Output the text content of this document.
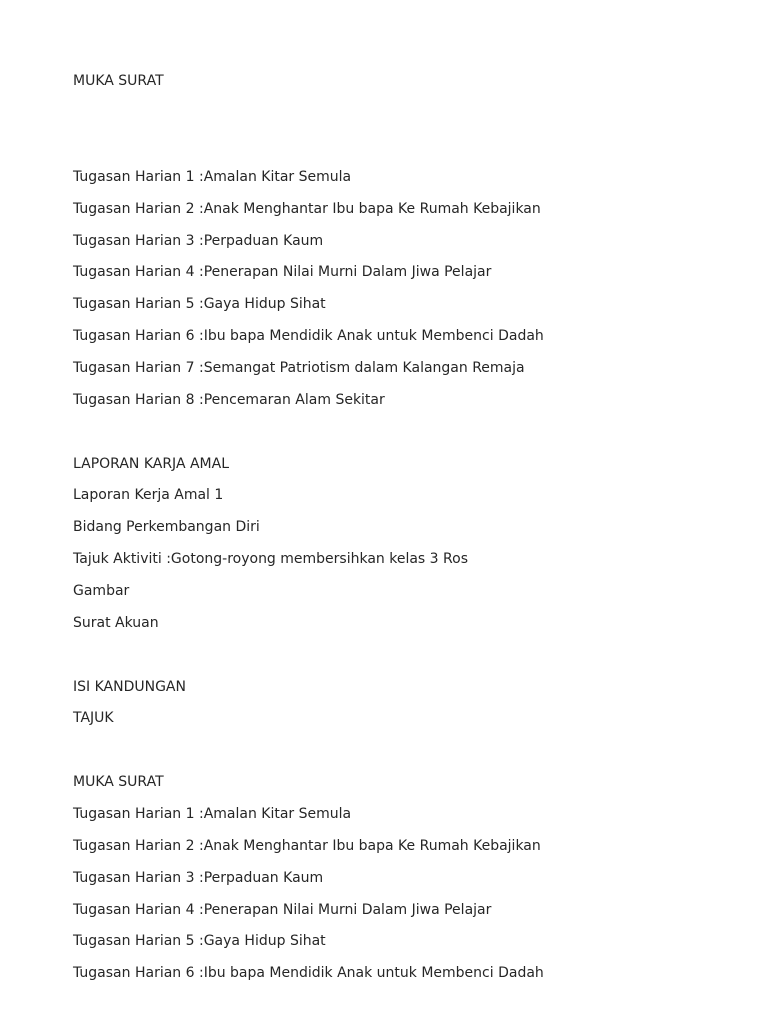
MUKA SURAT
Tugasan Harian 1 :Amalan Kitar Semula
Tugasan Harian 2 :Anak Menghantar Ibu bapa Ke Rumah Kebajikan
Tugasan Harian 3 :Perpaduan Kaum
Tugasan Harian 4 :Penerapan Nilai Murni Dalam Jiwa Pelajar
Tugasan Harian 5 :Gaya Hidup Sihat
Tugasan Harian 6 :Ibu bapa Mendidik Anak untuk Membenci Dadah
Tugasan Harian 7 :Semangat Patriotism dalam Kalangan Remaja
Tugasan Harian 8 :Pencemaran Alam Sekitar
LAPORAN KARJA AMAL
Laporan Kerja Amal 1
Bidang Perkembangan Diri
Tajuk Aktiviti :Gotong-royong membersihkan kelas 3 Ros
Gambar
Surat Akuan
ISI KANDUNGAN
TAJUK
MUKA SURAT
Tugasan Harian 1 :Amalan Kitar Semula
Tugasan Harian 2 :Anak Menghantar Ibu bapa Ke Rumah Kebajikan
Tugasan Harian 3 :Perpaduan Kaum
Tugasan Harian 4 :Penerapan Nilai Murni Dalam Jiwa Pelajar
Tugasan Harian 5 :Gaya Hidup Sihat
Tugasan Harian 6 :Ibu bapa Mendidik Anak untuk Membenci Dadah
